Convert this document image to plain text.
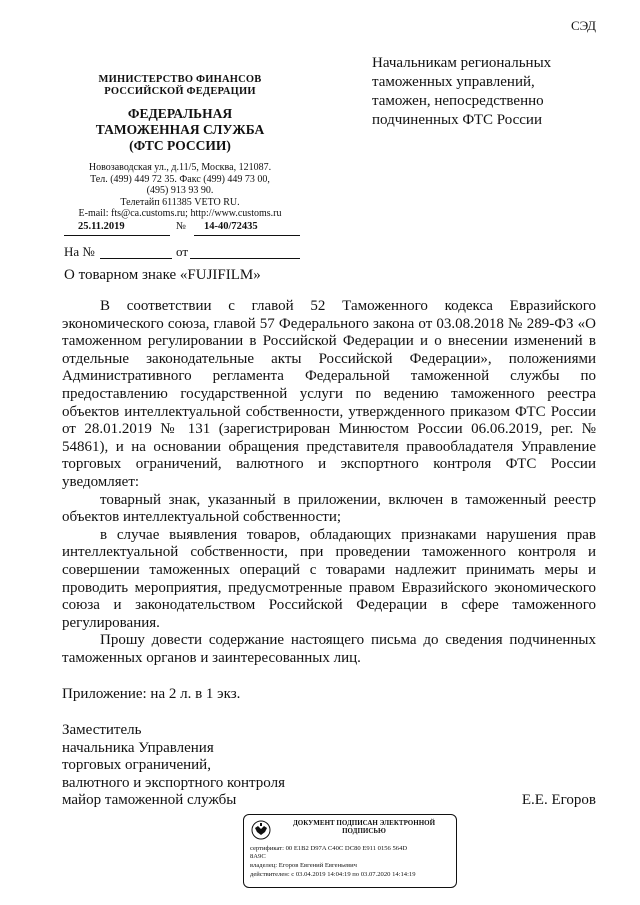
СЭД
Начальникам региональных
таможенных управлений,
таможен, непосредственно
подчиненных ФТС России
МИНИСТЕРСТВО ФИНАНСОВ
РОССИЙСКОЙ ФЕДЕРАЦИИ
ФЕДЕРАЛЬНАЯ
ТАМОЖЕННАЯ СЛУЖБА
(ФТС РОССИИ)
Новозаводская ул., д.11/5, Москва, 121087.
Тел. (499) 449 72 35. Факс (499) 449 73 00,
(495) 913 93 90.
Телетайп 611385 VETO RU.
E-mail: fts@ca.customs.ru; http://www.customs.ru
25.11.2019	№ 14-40/72435
На №	от
О товарном знаке «FUJIFILM»

В соответствии с главой 52 Таможенного кодекса Евразийского экономического союза, главой 57 Федерального закона от 03.08.2018 № 289-ФЗ «О таможенном регулировании в Российской Федерации и о внесении изменений в отдельные законодательные акты Российской Федерации», положениями Административного регламента Федеральной таможенной службы по предоставлению государственной услуги по ведению таможенного реестра объектов интеллектуальной собственности, утвержденного приказом ФТС России от 28.01.2019 № 131 (зарегистрирован Минюстом России 06.06.2019, рег. № 54861), и на основании обращения представителя правообладателя Управление торговых ограничений, валютного и экспортного контроля ФТС России уведомляет:

товарный знак, указанный в приложении, включен в таможенный реестр объектов интеллектуальной собственности;

в случае выявления товаров, обладающих признаками нарушения прав интеллектуальной собственности, при проведении таможенного контроля и совершении таможенных операций с товарами надлежит принимать меры и проводить мероприятия, предусмотренные правом Евразийского экономического союза и законодательством Российской Федерации в сфере таможенного регулирования.

Прошу довести содержание настоящего письма до сведения подчиненных таможенных органов и заинтересованных лиц.

Приложение: на 2 л. в 1 экз.
Заместитель
начальника Управления
торговых ограничений,
валютного и экспортного контроля
майор таможенной службы	Е.Е. Егоров
ДОКУМЕНТ ПОДПИСАН ЭЛЕКТРОННОЙ
ПОДПИСЬЮ
сертификат: 00 E1B2 D97A C40C DC80 E911 0156 564D
8A9C
владелец: Егоров Евгений Евгеньевич
действителен: с 03.04.2019 14:04:19 по 03.07.2020 14:14:19
